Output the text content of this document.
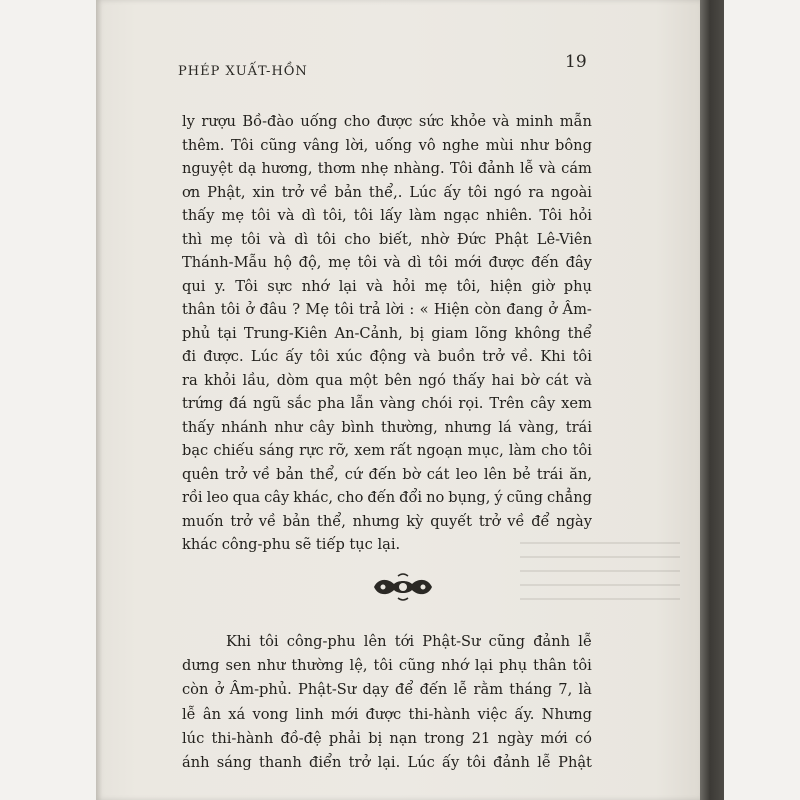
PHÉP XUẤT-HỒN	19
ly rượu Bồ-đào uống cho được sức khỏe và minh mẫn
thêm. Tôi cũng vâng lời, uống vô nghe mùi như bông
nguyệt dạ hương, thơm nhẹ nhàng. Tôi đảnh lễ và cám
ơn Phật, xin trở về bản thể,. Lúc ấy tôi ngó ra ngoài
thấy mẹ tôi và dì tôi, tôi lấy làm ngạc nhiên. Tôi hỏi
thì mẹ tôi và dì tôi cho biết, nhờ Đức Phật Lê-Viên
Thánh-Mẫu hộ độ, mẹ tôi và dì tôi mới được đến đây
qui y. Tôi sực nhớ lại và hỏi mẹ tôi, hiện giờ phụ
thân tôi ở đâu ? Mẹ tôi trả lời : « Hiện còn đang ở Âm-
phủ tại Trung-Kiên An-Cảnh, bị giam lõng không thể
đi được. Lúc ấy tôi xúc động và buồn trở về. Khi tôi
ra khỏi lầu, dòm qua một bên ngó thấy hai bờ cát và
trứng đá ngũ sắc pha lẫn vàng chói rọi. Trên cây xem
thấy nhánh như cây bình thường, nhưng lá vàng, trái
bạc chiếu sáng rực rỡ, xem rất ngoạn mục, làm cho tôi
quên trở về bản thể, cứ đến bờ cát leo lên bẻ trái ăn,
rồi leo qua cây khác, cho đến đổi no bụng, ý cũng chẳng
muốn trở về bản thể, nhưng kỳ quyết trở về để ngày
khác công-phu sẽ tiếp tục lại.
Khi tôi công-phu lên tới Phật-Sư cũng đảnh lễ
dưng sen như thường lệ, tôi cũng nhớ lại phụ thân tôi
còn ở Âm-phủ. Phật-Sư dạy để đến lễ rằm tháng 7, là
lễ ân xá vong linh mới được thi-hành việc ấy. Nhưng
lúc thi-hành đồ-đệ phải bị nạn trong 21 ngày mới có
ánh sáng thanh điển trở lại. Lúc ấy tôi đảnh lễ Phật
